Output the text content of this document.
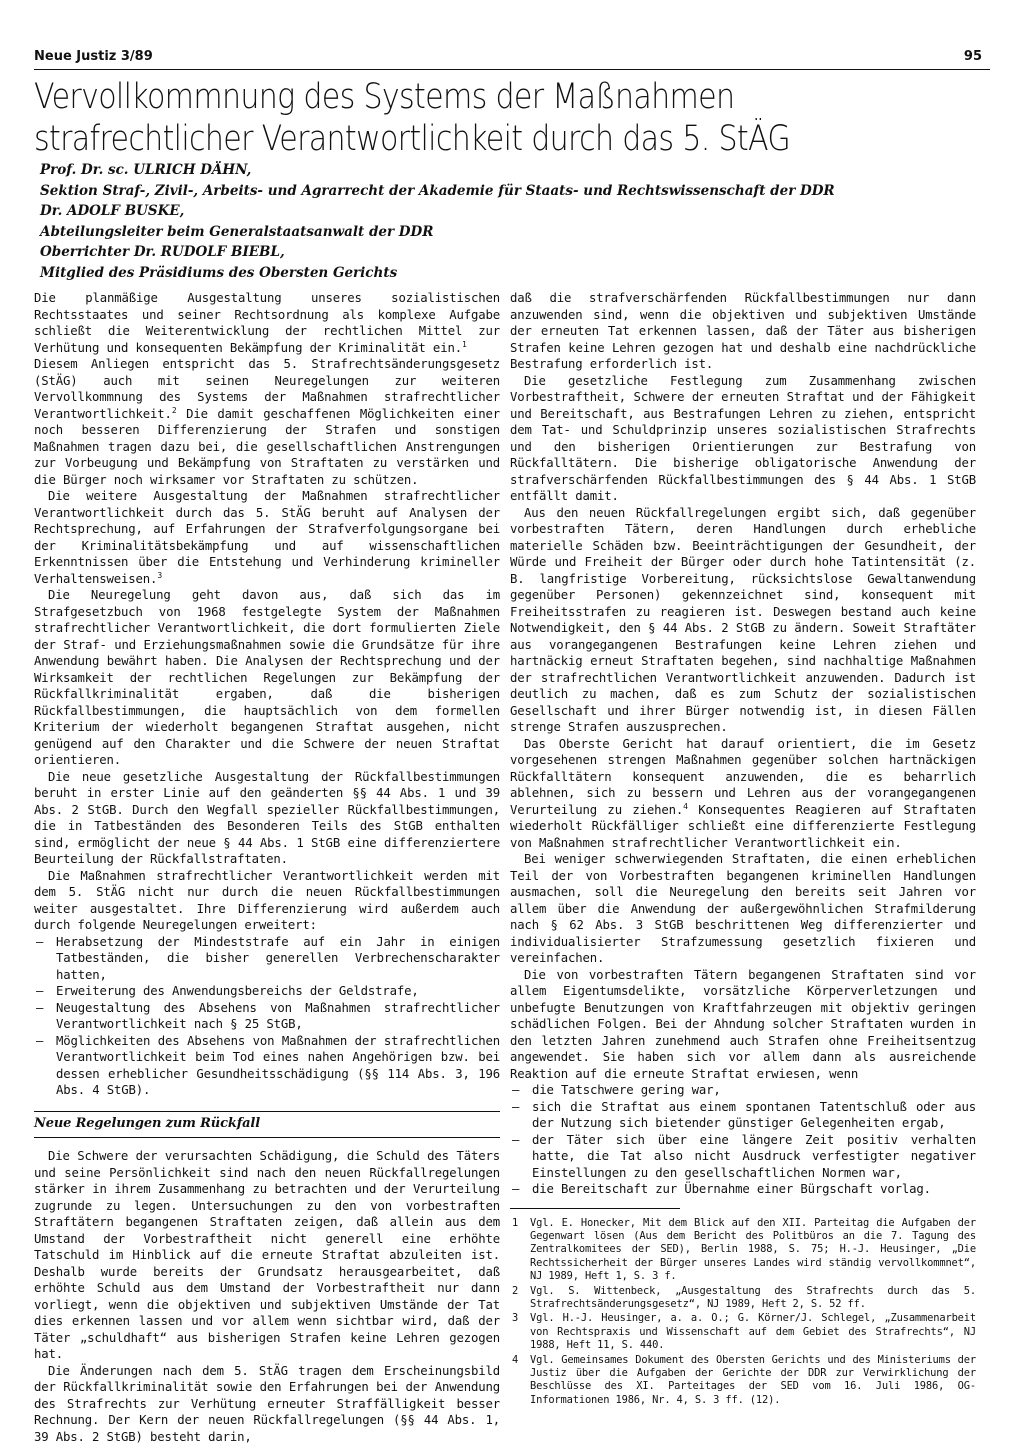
Neue Justiz 3/89	95
Vervollkommnung des Systems der Maßnahmen
strafrechtlicher Verantwortlichkeit durch das 5. StÄG
Prof. Dr. sc. ULRICH DÄHN,
Sektion Straf-, Zivil-, Arbeits- und Agrarrecht der Akademie für Staats- und Rechtswissenschaft der DDR
Dr. ADOLF BUSKE,
Abteilungsleiter beim Generalstaatsanwalt der DDR
Oberrichter Dr. RUDOLF BIEBL,
Mitglied des Präsidiums des Obersten Gerichts

Die planmäßige Ausgestaltung unseres sozialistischen Rechtsstaates und seiner Rechtsordnung als komplexe Aufgabe schließt die Weiterentwicklung der rechtlichen Mittel zur Verhütung und konsequenten Bekämpfung der Kriminalität ein.$^1$

Diesem Anliegen entspricht das 5. Strafrechtsänderungsgesetz (StÄG) auch mit seinen Neuregelungen zur weiteren Vervollkommnung des Systems der Maßnahmen strafrechtlicher Verantwortlichkeit.$^2$ Die damit geschaffenen Möglichkeiten einer noch besseren Differenzierung der Strafen und sonstigen Maßnahmen tragen dazu bei, die gesellschaftlichen Anstrengungen zur Vorbeugung und Bekämpfung von Straftaten zu verstärken und die Bürger noch wirksamer vor Straftaten zu schützen.

Die weitere Ausgestaltung der Maßnahmen strafrechtlicher Verantwortlichkeit durch das 5. StÄG beruht auf Analysen der Rechtsprechung, auf Erfahrungen der Strafverfolgungsorgane bei der Kriminalitätsbekämpfung und auf wissenschaftlichen Erkenntnissen über die Entstehung und Verhinderung krimineller Verhaltensweisen.$^3$

Die Neuregelung geht davon aus, daß sich das im Strafgesetzbuch von 1968 festgelegte System der Maßnahmen strafrechtlicher Verantwortlichkeit, die dort formulierten Ziele der Straf- und Erziehungsmaßnahmen sowie die Grundsätze für ihre Anwendung bewährt haben. Die Analysen der Rechtsprechung und der Wirksamkeit der rechtlichen Regelungen zur Bekämpfung der Rückfallkriminalität ergaben, daß die bisherigen Rückfallbestimmungen, die hauptsächlich von dem formellen Kriterium der wiederholt begangenen Straftat ausgehen, nicht genügend auf den Charakter und die Schwere der neuen Straftat orientieren.

Die neue gesetzliche Ausgestaltung der Rückfallbestimmungen beruht in erster Linie auf den geänderten §§ 44 Abs. 1 und 39 Abs. 2 StGB. Durch den Wegfall spezieller Rückfallbestimmungen, die in Tatbeständen des Besonderen Teils des StGB enthalten sind, ermöglicht der neue § 44 Abs. 1 StGB eine differenziertere Beurteilung der Rückfallstraftaten.

Die Maßnahmen strafrechtlicher Verantwortlichkeit werden mit dem 5. StÄG nicht nur durch die neuen Rückfallbestimmungen weiter ausgestaltet. Ihre Differenzierung wird außerdem auch durch folgende Neuregelungen erweitert:

– Herabsetzung der Mindeststrafe auf ein Jahr in einigen Tatbeständen, die bisher generellen Verbrechenscharakter hatten,
– Erweiterung des Anwendungsbereichs der Geldstrafe,
– Neugestaltung des Absehens von Maßnahmen strafrechtlicher Verantwortlichkeit nach § 25 StGB,
– Möglichkeiten des Absehens von Maßnahmen der strafrechtlichen Verantwortlichkeit beim Tod eines nahen Angehörigen bzw. bei dessen erheblicher Gesundheitsschädigung (§§ 114 Abs. 3, 196 Abs. 4 StGB).
Neue Regelungen zum Rückfall

Die Schwere der verursachten Schädigung, die Schuld des Täters und seine Persönlichkeit sind nach den neuen Rückfallregelungen stärker in ihrem Zusammenhang zu betrachten und der Verurteilung zugrunde zu legen. Untersuchungen zu den von vorbestraften Straftätern begangenen Straftaten zeigen, daß allein aus dem Umstand der Vorbestraftheit nicht generell eine erhöhte Tatschuld im Hinblick auf die erneute Straftat abzuleiten ist. Deshalb wurde bereits der Grundsatz herausgearbeitet, daß erhöhte Schuld aus dem Umstand der Vorbestraftheit nur dann vorliegt, wenn die objektiven und subjektiven Umstände der Tat dies erkennen lassen und vor allem wenn sichtbar wird, daß der Täter „schuldhaft“ aus bisherigen Strafen keine Lehren gezogen hat.

Die Änderungen nach dem 5. StÄG tragen dem Erscheinungsbild der Rückfallkriminalität sowie den Erfahrungen bei der Anwendung des Strafrechts zur Verhütung erneuter Straffälligkeit besser Rechnung. Der Kern der neuen Rückfallregelungen (§§ 44 Abs. 1, 39 Abs. 2 StGB) besteht darin,

daß die strafverschärfenden Rückfallbestimmungen nur dann anzuwenden sind, wenn die objektiven und subjektiven Umstände der erneuten Tat erkennen lassen, daß der Täter aus bisherigen Strafen keine Lehren gezogen hat und deshalb eine nachdrückliche Bestrafung erforderlich ist.

Die gesetzliche Festlegung zum Zusammenhang zwischen Vorbestraftheit, Schwere der erneuten Straftat und der Fähigkeit und Bereitschaft, aus Bestrafungen Lehren zu ziehen, entspricht dem Tat- und Schuldprinzip unseres sozialistischen Strafrechts und den bisherigen Orientierungen zur Bestrafung von Rückfalltätern. Die bisherige obligatorische Anwendung der strafverschärfenden Rückfallbestimmungen des § 44 Abs. 1 StGB entfällt damit.

Aus den neuen Rückfallregelungen ergibt sich, daß gegenüber vorbestraften Tätern, deren Handlungen durch erhebliche materielle Schäden bzw. Beeinträchtigungen der Gesundheit, der Würde und Freiheit der Bürger oder durch hohe Tatintensität (z. B. langfristige Vorbereitung, rücksichtslose Gewaltanwendung gegenüber Personen) gekennzeichnet sind, konsequent mit Freiheitsstrafen zu reagieren ist. Deswegen bestand auch keine Notwendigkeit, den § 44 Abs. 2 StGB zu ändern. Soweit Straftäter aus vorangegangenen Bestrafungen keine Lehren ziehen und hartnäckig erneut Straftaten begehen, sind nachhaltige Maßnahmen der strafrechtlichen Verantwortlichkeit anzuwenden. Dadurch ist deutlich zu machen, daß es zum Schutz der sozialistischen Gesellschaft und ihrer Bürger notwendig ist, in diesen Fällen strenge Strafen auszusprechen.

Das Oberste Gericht hat darauf orientiert, die im Gesetz vorgesehenen strengen Maßnahmen gegenüber solchen hartnäckigen Rückfalltätern konsequent anzuwenden, die es beharrlich ablehnen, sich zu bessern und Lehren aus der vorangegangenen Verurteilung zu ziehen.$^4$ Konsequentes Reagieren auf Straftaten wiederholt Rückfälliger schließt eine differenzierte Festlegung von Maßnahmen strafrechtlicher Verantwortlichkeit ein.

Bei weniger schwerwiegenden Straftaten, die einen erheblichen Teil der von Vorbestraften begangenen kriminellen Handlungen ausmachen, soll die Neuregelung den bereits seit Jahren vor allem über die Anwendung der außergewöhnlichen Strafmilderung nach § 62 Abs. 3 StGB beschrittenen Weg differenzierter und individualisierter Strafzumessung gesetzlich fixieren und vereinfachen.

Die von vorbestraften Tätern begangenen Straftaten sind vor allem Eigentumsdelikte, vorsätzliche Körperverletzungen und unbefugte Benutzungen von Kraftfahrzeugen mit objektiv geringen schädlichen Folgen. Bei der Ahndung solcher Straftaten wurden in den letzten Jahren zunehmend auch Strafen ohne Freiheitsentzug angewendet. Sie haben sich vor allem dann als ausreichende Reaktion auf die erneute Straftat erwiesen, wenn

– die Tatschwere gering war,
– sich die Straftat aus einem spontanen Tatentschluß oder aus der Nutzung sich bietender günstiger Gelegenheiten ergab,
– der Täter sich über eine längere Zeit positiv verhalten hatte, die Tat also nicht Ausdruck verfestigter negativer Einstellungen zu den gesellschaftlichen Normen war,
– die Bereitschaft zur Übernahme einer Bürgschaft vorlag.
1 Vgl. E. Honecker, Mit dem Blick auf den XII. Parteitag die Aufgaben der Gegenwart lösen (Aus dem Bericht des Politbüros an die 7. Tagung des Zentralkomitees der SED), Berlin 1988, S. 75; H.-J. Heusinger, „Die Rechtssicherheit der Bürger unseres Landes wird ständig vervollkommnet“, NJ 1989, Heft 1, S. 3 f.
2 Vgl. S. Wittenbeck, „Ausgestaltung des Strafrechts durch das 5. Strafrechtsänderungsgesetz“, NJ 1989, Heft 2, S. 52 ff.
3 Vgl. H.-J. Heusinger, a. a. O.; G. Körner/J. Schlegel, „Zusammenarbeit von Rechtspraxis und Wissenschaft auf dem Gebiet des Strafrechts“, NJ 1988, Heft 11, S. 440.
4 Vgl. Gemeinsames Dokument des Obersten Gerichts und des Ministeriums der Justiz über die Aufgaben der Gerichte der DDR zur Verwirklichung der Beschlüsse des XI. Parteitages der SED vom 16. Juli 1986, OG-Informationen 1986, Nr. 4, S. 3 ff. (12).
